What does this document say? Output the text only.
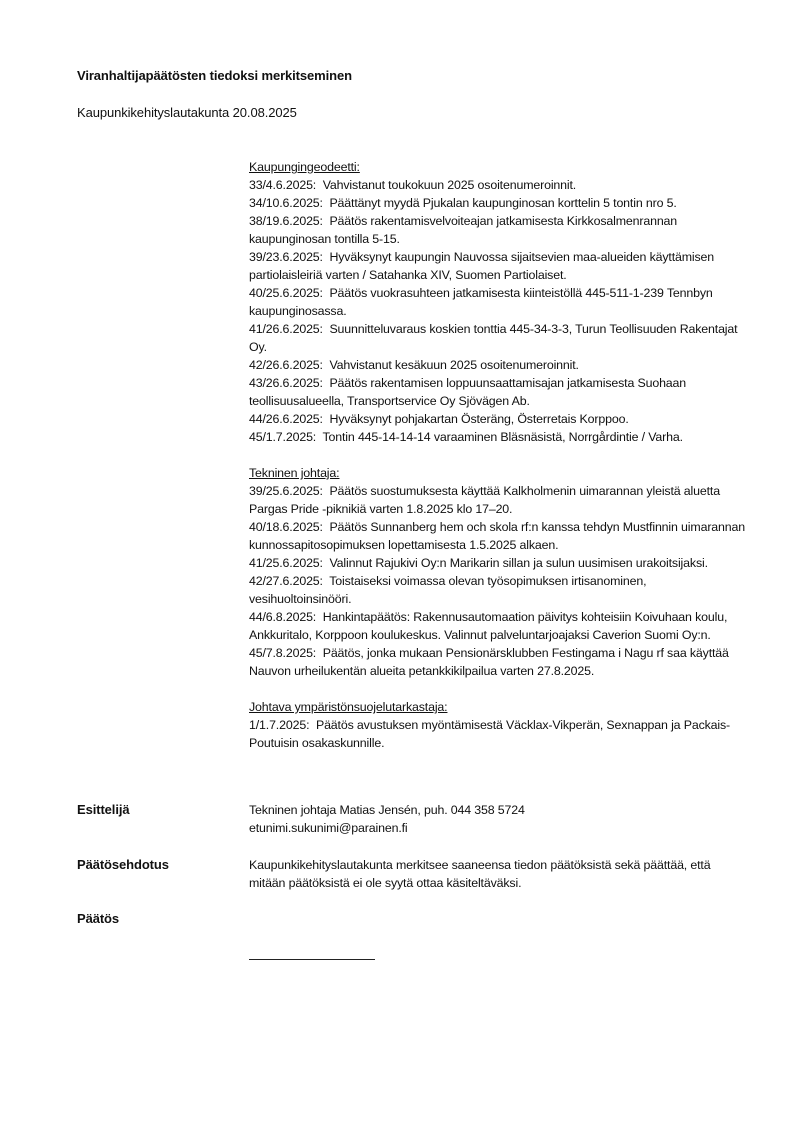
Viranhaltijapäätösten tiedoksi merkitseminen
Kaupunkikehityslautakunta 20.08.2025
Kaupungingeodeetti:
33/4.6.2025: Vahvistanut toukokuun 2025 osoitenumeroinnit.
34/10.6.2025: Päättänyt myydä Pjukalan kaupunginosan korttelin 5 tontin nro 5.
38/19.6.2025: Päätös rakentamisvelvoiteajan jatkamisesta Kirkkosalmenrannan kaupunginosan tontilla 5-15.
39/23.6.2025: Hyväksynyt kaupungin Nauvossa sijaitsevien maa-alueiden käyttämisen partiolaisleiriä varten / Satahanka XIV, Suomen Partiolaiset.
40/25.6.2025: Päätös vuokrasuhteen jatkamisesta kiinteistöllä 445-511-1-239 Tennbyn kaupunginosassa.
41/26.6.2025: Suunnitteluvaraus koskien tonttia 445-34-3-3, Turun Teollisuuden Rakentajat Oy.
42/26.6.2025: Vahvistanut kesäkuun 2025 osoitenumeroinnit.
43/26.6.2025: Päätös rakentamisen loppuunsaattamisajan jatkamisesta Suohaan teollisuusalueella, Transportservice Oy Sjövägen Ab.
44/26.6.2025: Hyväksynyt pohjakartan Österäng, Österretais Korppoo.
45/1.7.2025: Tontin 445-14-14-14 varaaminen Bläsnäsistä, Norrgårdintie / Varha.
Tekninen johtaja:
39/25.6.2025: Päätös suostumuksesta käyttää Kalkholmenin uimarannan yleistä aluetta Pargas Pride -piknikiä varten 1.8.2025 klo 17–20.
40/18.6.2025: Päätös Sunnanberg hem och skola rf:n kanssa tehdyn Mustfinnin uimarannan kunnossapitosopimuksen lopettamisesta 1.5.2025 alkaen.
41/25.6.2025: Valinnut Rajukivi Oy:n Marikarin sillan ja sulun uusimisen urakoitsijaksi.
42/27.6.2025: Toistaiseksi voimassa olevan työsopimuksen irtisanominen, vesihuoltoinsinööri.
44/6.8.2025: Hankintapäätös: Rakennusautomaation päivitys kohteisiin Koivuhaan koulu, Ankkuritalo, Korppoon koulukeskus. Valinnut palveluntarjoajaksi Caverion Suomi Oy:n.
45/7.8.2025: Päätös, jonka mukaan Pensionärsklubben Festingama i Nagu rf saa käyttää Nauvon urheilukentän alueita petankkikilpailua varten 27.8.2025.
Johtava ympäristönsuojelutarkastaja:
1/1.7.2025: Päätös avustuksen myöntämisestä Väcklax-Vikperän, Sexnappan ja Packais-Poutuisin osakaskunnille.
Esittelijä	Tekninen johtaja Matias Jensén, puh. 044 358 5724
etunimi.sukunimi@parainen.fi
Päätösehdotus	Kaupunkikehityslautakunta merkitsee saaneensa tiedon päätöksistä sekä päättää, että mitään päätöksistä ei ole syytä ottaa käsiteltäväksi.
Päätös
